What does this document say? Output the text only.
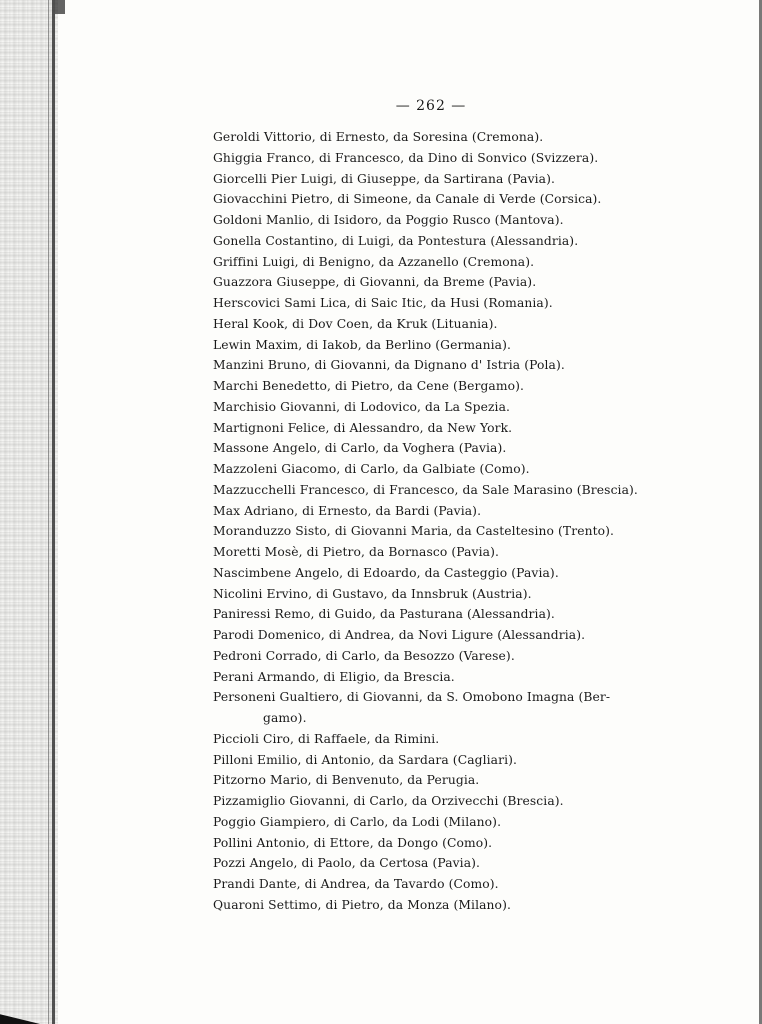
— 262 —
Geroldi Vittorio, di Ernesto, da Soresina (Cremona).
Ghiggia Franco, di Francesco, da Dino di Sonvico (Svizzera).
Giorcelli Pier Luigi, di Giuseppe, da Sartirana (Pavia).
Giovacchini Pietro, di Simeone, da Canale di Verde (Corsica).
Goldoni Manlio, di Isidoro, da Poggio Rusco (Mantova).
Gonella Costantino, di Luigi, da Pontestura (Alessandria).
Griffini Luigi, di Benigno, da Azzanello (Cremona).
Guazzora Giuseppe, di Giovanni, da Breme (Pavia).
Herscovici Sami Lica, di Saic Itic, da Husi (Romania).
Heral Kook, di Dov Coen, da Kruk (Lituania).
Lewin Maxim, di Iakob, da Berlino (Germania).
Manzini Bruno, di Giovanni, da Dignano d' Istria (Pola).
Marchi Benedetto, di Pietro, da Cene (Bergamo).
Marchisio Giovanni, di Lodovico, da La Spezia.
Martignoni Felice, di Alessandro, da New York.
Massone Angelo, di Carlo, da Voghera (Pavia).
Mazzoleni Giacomo, di Carlo, da Galbiate (Como).
Mazzucchelli Francesco, di Francesco, da Sale Marasino (Brescia).
Max Adriano, di Ernesto, da Bardi (Pavia).
Moranduzzo Sisto, di Giovanni Maria, da Casteltesino (Trento).
Moretti Mosè, di Pietro, da Bornasco (Pavia).
Nascimbene Angelo, di Edoardo, da Casteggio (Pavia).
Nicolini Ervino, di Gustavo, da Innsbruk (Austria).
Paniressi Remo, di Guido, da Pasturana (Alessandria).
Parodi Domenico, di Andrea, da Novi Ligure (Alessandria).
Pedroni Corrado, di Carlo, da Besozzo (Varese).
Perani Armando, di Eligio, da Brescia.
Personeni Gualtiero, di Giovanni, da S. Omobono Imagna (Ber-
gamo).
Piccioli Ciro, di Raffaele, da Rimini.
Pilloni Emilio, di Antonio, da Sardara (Cagliari).
Pitzorno Mario, di Benvenuto, da Perugia.
Pizzamiglio Giovanni, di Carlo, da Orzivecchi (Brescia).
Poggio Giampiero, di Carlo, da Lodi (Milano).
Pollini Antonio, di Ettore, da Dongo (Como).
Pozzi Angelo, di Paolo, da Certosa (Pavia).
Prandi Dante, di Andrea, da Tavardo (Como).
Quaroni Settimo, di Pietro, da Monza (Milano).
